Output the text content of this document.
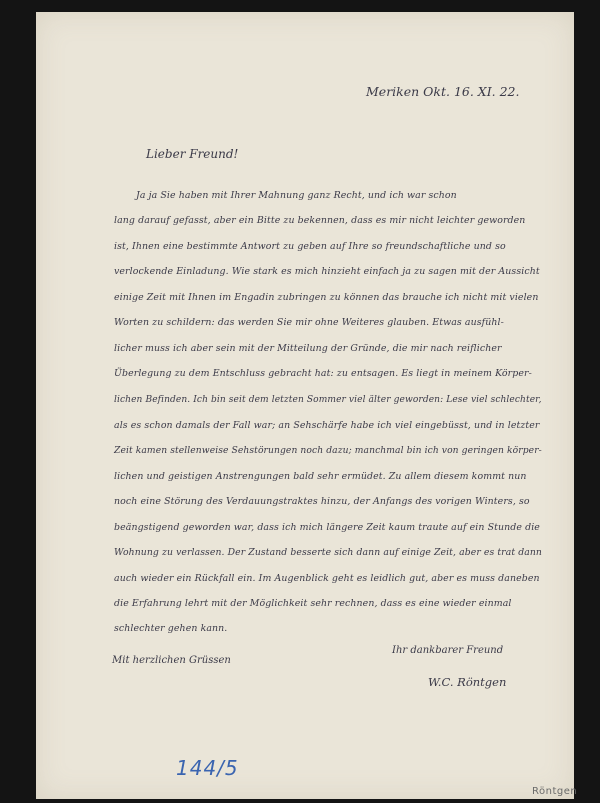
Meriken Okt. 16. XI. 22.
Lieber Freund!
Ja ja Sie haben mit Ihrer Mahnung ganz Recht, und ich war schon
lang darauf gefasst, aber ein Bitte zu bekennen, dass es mir nicht leichter geworden
ist, Ihnen eine bestimmte Antwort zu geben auf Ihre so freundschaftliche und so
verlockende Einladung. Wie stark es mich hinzieht einfach ja zu sagen mit der Aussicht
einige Zeit mit Ihnen im Engadin zubringen zu können das brauche ich nicht mit vielen
Worten zu schildern: das werden Sie mir ohne Weiteres glauben. Etwas ausfühl-
licher muss ich aber sein mit der Mitteilung der Gründe, die mir nach reiflicher
Überlegung zu dem Entschluss gebracht hat: zu entsagen. Es liegt in meinem Körper-
lichen Befinden. Ich bin seit dem letzten Sommer viel älter geworden: Lese viel schlechter,
als es schon damals der Fall war; an Sehschärfe habe ich viel eingebüsst, und in letzter
Zeit kamen stellenweise Sehstörungen noch dazu; manchmal bin ich von geringen körper-
lichen und geistigen Anstrengungen bald sehr ermüdet. Zu allem diesem kommt nun
noch eine Störung des Verdauungstraktes hinzu, der Anfangs des vorigen Winters, so
beängstigend geworden war, dass ich mich längere Zeit kaum traute auf ein Stunde die
Wohnung zu verlassen. Der Zustand besserte sich dann auf einige Zeit, aber es trat dann
auch wieder ein Rückfall ein. Im Augenblick geht es leidlich gut, aber es muss daneben
die Erfahrung lehrt mit der Möglichkeit sehr rechnen, dass es eine wieder einmal
schlechter gehen kann.
Mit herzlichen Grüssen
Ihr dankbarer Freund
W.C. Röntgen
144/5
Röntgen
